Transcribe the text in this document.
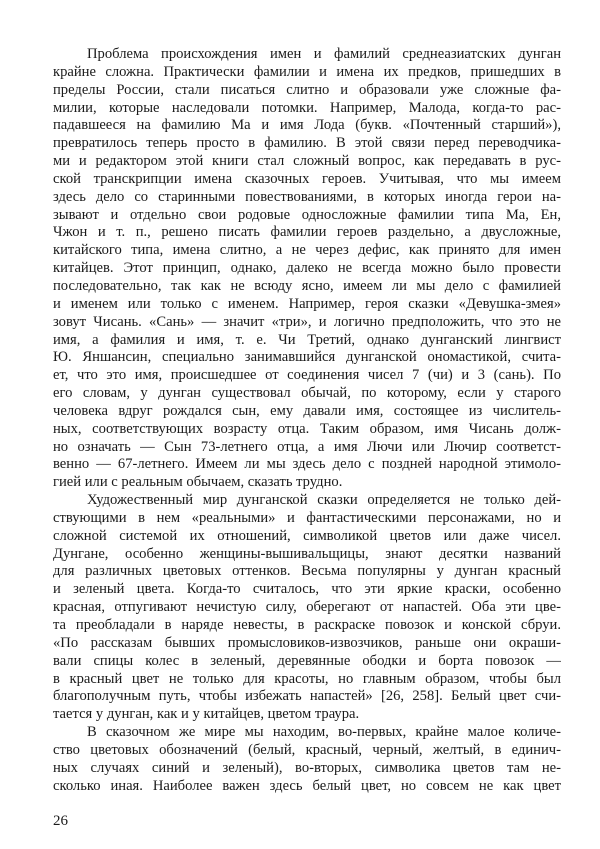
Проблема происхождения имен и фамилий среднеазиатских дунган
крайне сложна. Практически фамилии и имена их предков, пришедших в
пределы России, стали писаться слитно и образовали уже сложные фа-
милии, которые наследовали потомки. Например, Малода, когда-то рас-
падавшееся на фамилию Ма и имя Лода (букв. «Почтенный старший»),
превратилось теперь просто в фамилию. В этой связи перед переводчика-
ми и редактором этой книги стал сложный вопрос, как передавать в рус-
ской транскрипции имена сказочных героев. Учитывая, что мы имеем
здесь дело со старинными повествованиями, в которых иногда герои на-
зывают и отдельно свои родовые односложные фамилии типа Ма, Ен,
Чжон и т. п., решено писать фамилии героев раздельно, а двусложные,
китайского типа, имена слитно, а не через дефис, как принято для имен
китайцев. Этот принцип, однако, далеко не всегда можно было провести
последовательно, так как не всюду ясно, имеем ли мы дело с фамилией
и именем или только с именем. Например, героя сказки «Девушка-змея»
зовут Чисань. «Сань» — значит «три», и логично предположить, что это не
имя, а фамилия и имя, т. е. Чи Третий, однако дунганский лингвист
Ю. Яншансин, специально занимавшийся дунганской ономастикой, счита-
ет, что это имя, происшедшее от соединения чисел 7 (чи) и 3 (сань). По
его словам, у дунган существовал обычай, по которому, если у старого
человека вдруг рождался сын, ему давали имя, состоящее из числитель-
ных, соответствующих возрасту отца. Таким образом, имя Чисань долж-
но означать — Сын 73-летнего отца, а имя Лючи или Лючир соответст-
венно — 67-летнего. Имеем ли мы здесь дело с поздней народной этимоло-
гией или с реальным обычаем, сказать трудно.
Художественный мир дунганской сказки определяется не только дей-
ствующими в нем «реальными» и фантастическими персонажами, но и
сложной системой их отношений, символикой цветов или даже чисел.
Дунгане, особенно женщины-вышивальщицы, знают десятки названий
для различных цветовых оттенков. Весьма популярны у дунган красный
и зеленый цвета. Когда-то считалось, что эти яркие краски, особенно
красная, отпугивают нечистую силу, оберегают от напастей. Оба эти цве-
та преобладали в наряде невесты, в раскраске повозок и конской сбруи.
«По рассказам бывших промысловиков-извозчиков, раньше они окраши-
вали спицы колес в зеленый, деревянные ободки и борта повозок —
в красный цвет не только для красоты, но главным образом, чтобы был
благополучным путь, чтобы избежать напастей» [26, 258]. Белый цвет счи-
тается у дунган, как и у китайцев, цветом траура.
В сказочном же мире мы находим, во-первых, крайне малое количе-
ство цветовых обозначений (белый, красный, черный, желтый, в единич-
ных случаях синий и зеленый), во-вторых, символика цветов там не-
сколько иная. Наиболее важен здесь белый цвет, но совсем не как цвет
26
